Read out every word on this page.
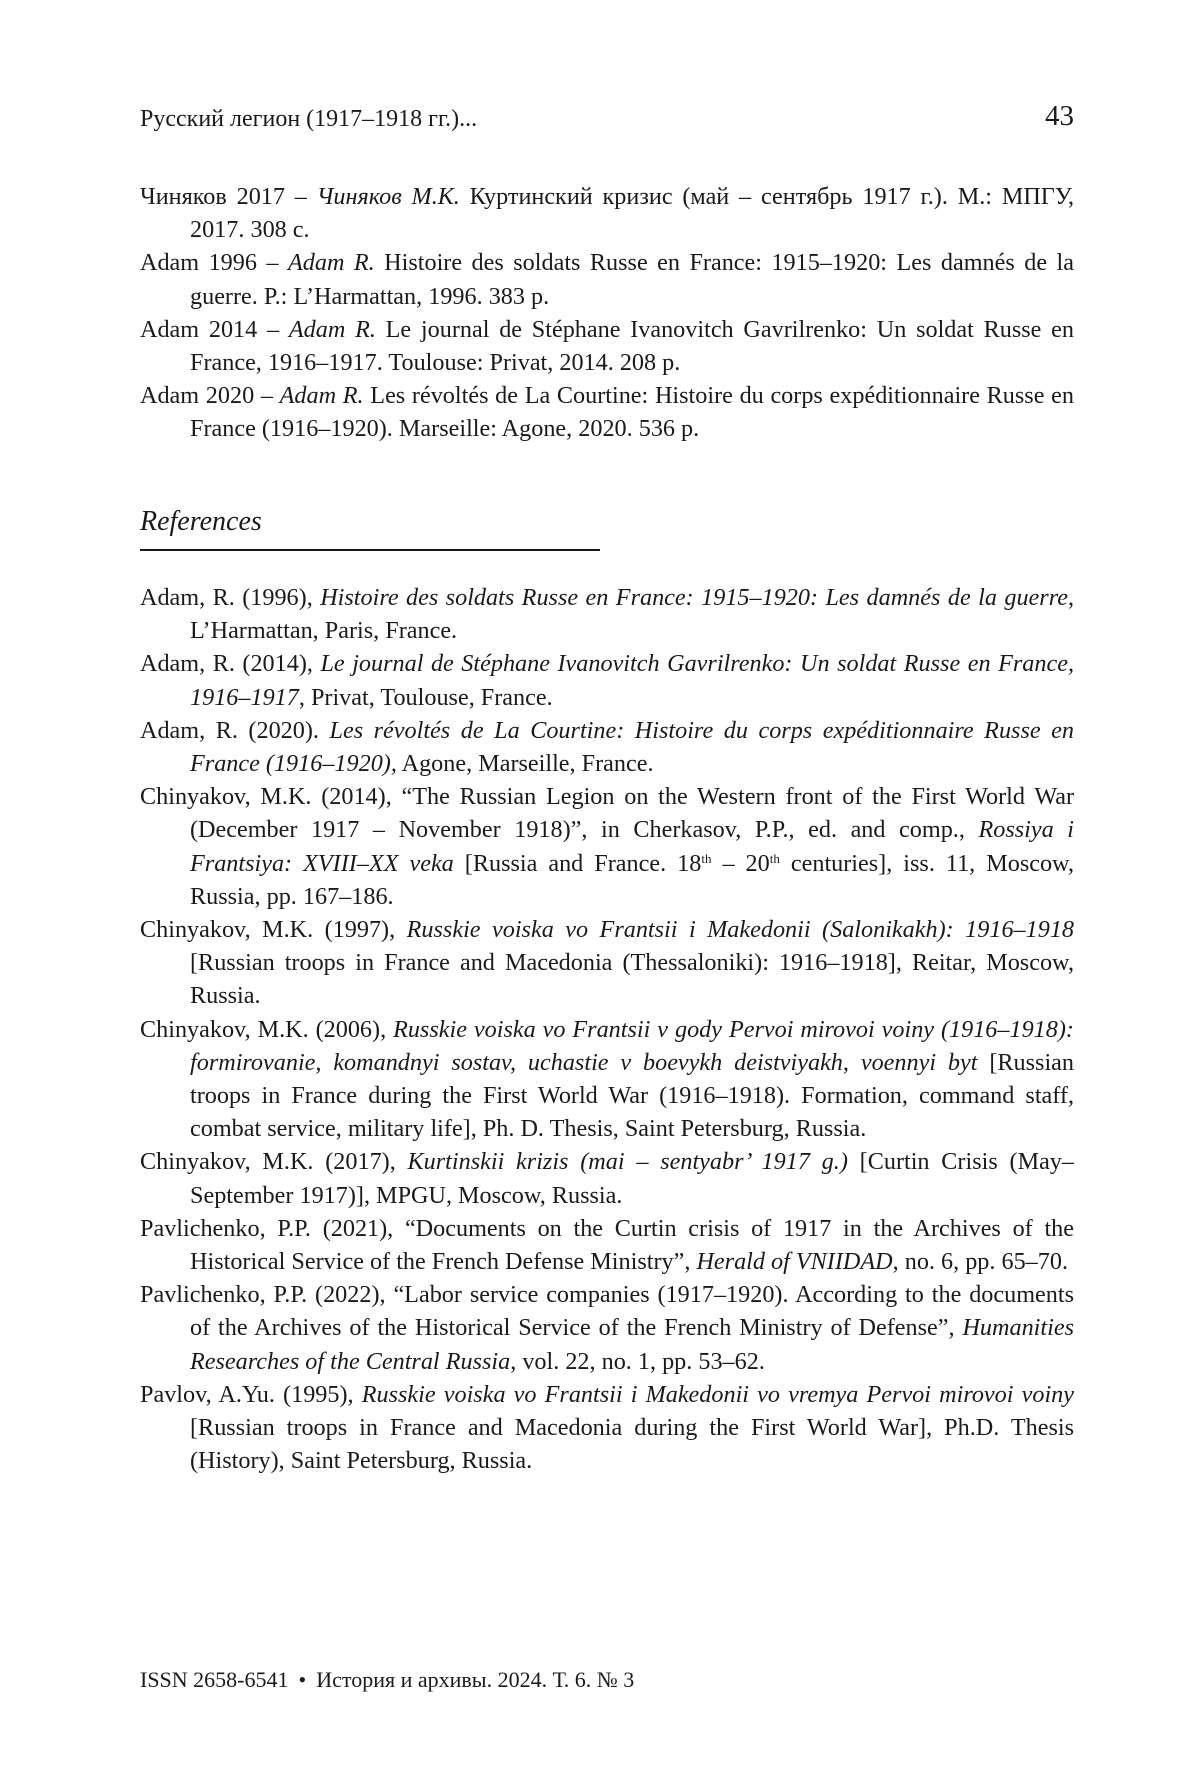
Русский легион (1917–1918 гг.)...	43

Чиняков 2017 – Чиняков М.К. Куртинский кризис (май – сентябрь 1917 г.). М.: МПГУ, 2017. 308 с.

Adam 1996 – Adam R. Histoire des soldats Russe en France: 1915–1920: Les damnés de la guerre. P.: L’Harmattan, 1996. 383 p.

Adam 2014 – Adam R. Le journal de Stéphane Ivanovitch Gavrilrenko: Un soldat Russe en France, 1916–1917. Toulouse: Privat, 2014. 208 p.

Adam 2020 – Adam R. Les révoltés de La Courtine: Histoire du corps expéditionnaire Russe en France (1916–1920). Marseille: Agone, 2020. 536 p.

References

Adam, R. (1996), Histoire des soldats Russe en France: 1915–1920: Les damnés de la guerre, L’Harmattan, Paris, France.

Adam, R. (2014), Le journal de Stéphane Ivanovitch Gavrilrenko: Un soldat Russe en France, 1916–1917, Privat, Toulouse, France.

Adam, R. (2020). Les révoltés de La Courtine: Histoire du corps expéditionnaire Russe en France (1916–1920), Agone, Marseille, France.

Chinyakov, M.K. (2014), “The Russian Legion on the Western front of the First World War (December 1917 – November 1918)”, in Cherkasov, P.P., ed. and comp., Rossiya i Frantsiya: XVIII–XX veka [Russia and France. 18th – 20th centuries], iss. 11, Moscow, Russia, pp. 167–186.

Chinyakov, M.K. (1997), Russkie voiska vo Frantsii i Makedonii (Salonikakh): 1916–1918 [Russian troops in France and Macedonia (Thessaloniki): 1916–1918], Reitar, Moscow, Russia.

Chinyakov, M.K. (2006), Russkie voiska vo Frantsii v gody Pervoi mirovoi voiny (1916–1918): formirovanie, komandnyi sostav, uchastie v boevykh deistviyakh, voennyi byt [Russian troops in France during the First World War (1916–1918). Formation, command staff, combat service, military life], Ph. D. Thesis, Saint Petersburg, Russia.

Chinyakov, M.K. (2017), Kurtinskii krizis (mai – sentyabr’ 1917 g.) [Curtin Crisis (May–September 1917)], MPGU, Moscow, Russia.

Pavlichenko, P.P. (2021), “Documents on the Curtin crisis of 1917 in the Archives of the Historical Service of the French Defense Ministry”, Herald of VNIIDAD, no. 6, pp. 65–70.

Pavlichenko, P.P. (2022), “Labor service companies (1917–1920). According to the documents of the Archives of the Historical Service of the French Ministry of Defense”, Humanities Researches of the Central Russia, vol. 22, no. 1, pp. 53–62.

Pavlov, A.Yu. (1995), Russkie voiska vo Frantsii i Makedonii vo vremya Pervoi mirovoi voiny [Russian troops in France and Macedonia during the First World War], Ph.D. Thesis (History), Saint Petersburg, Russia.

ISSN 2658-6541 • История и архивы. 2024. Т. 6. № 3
